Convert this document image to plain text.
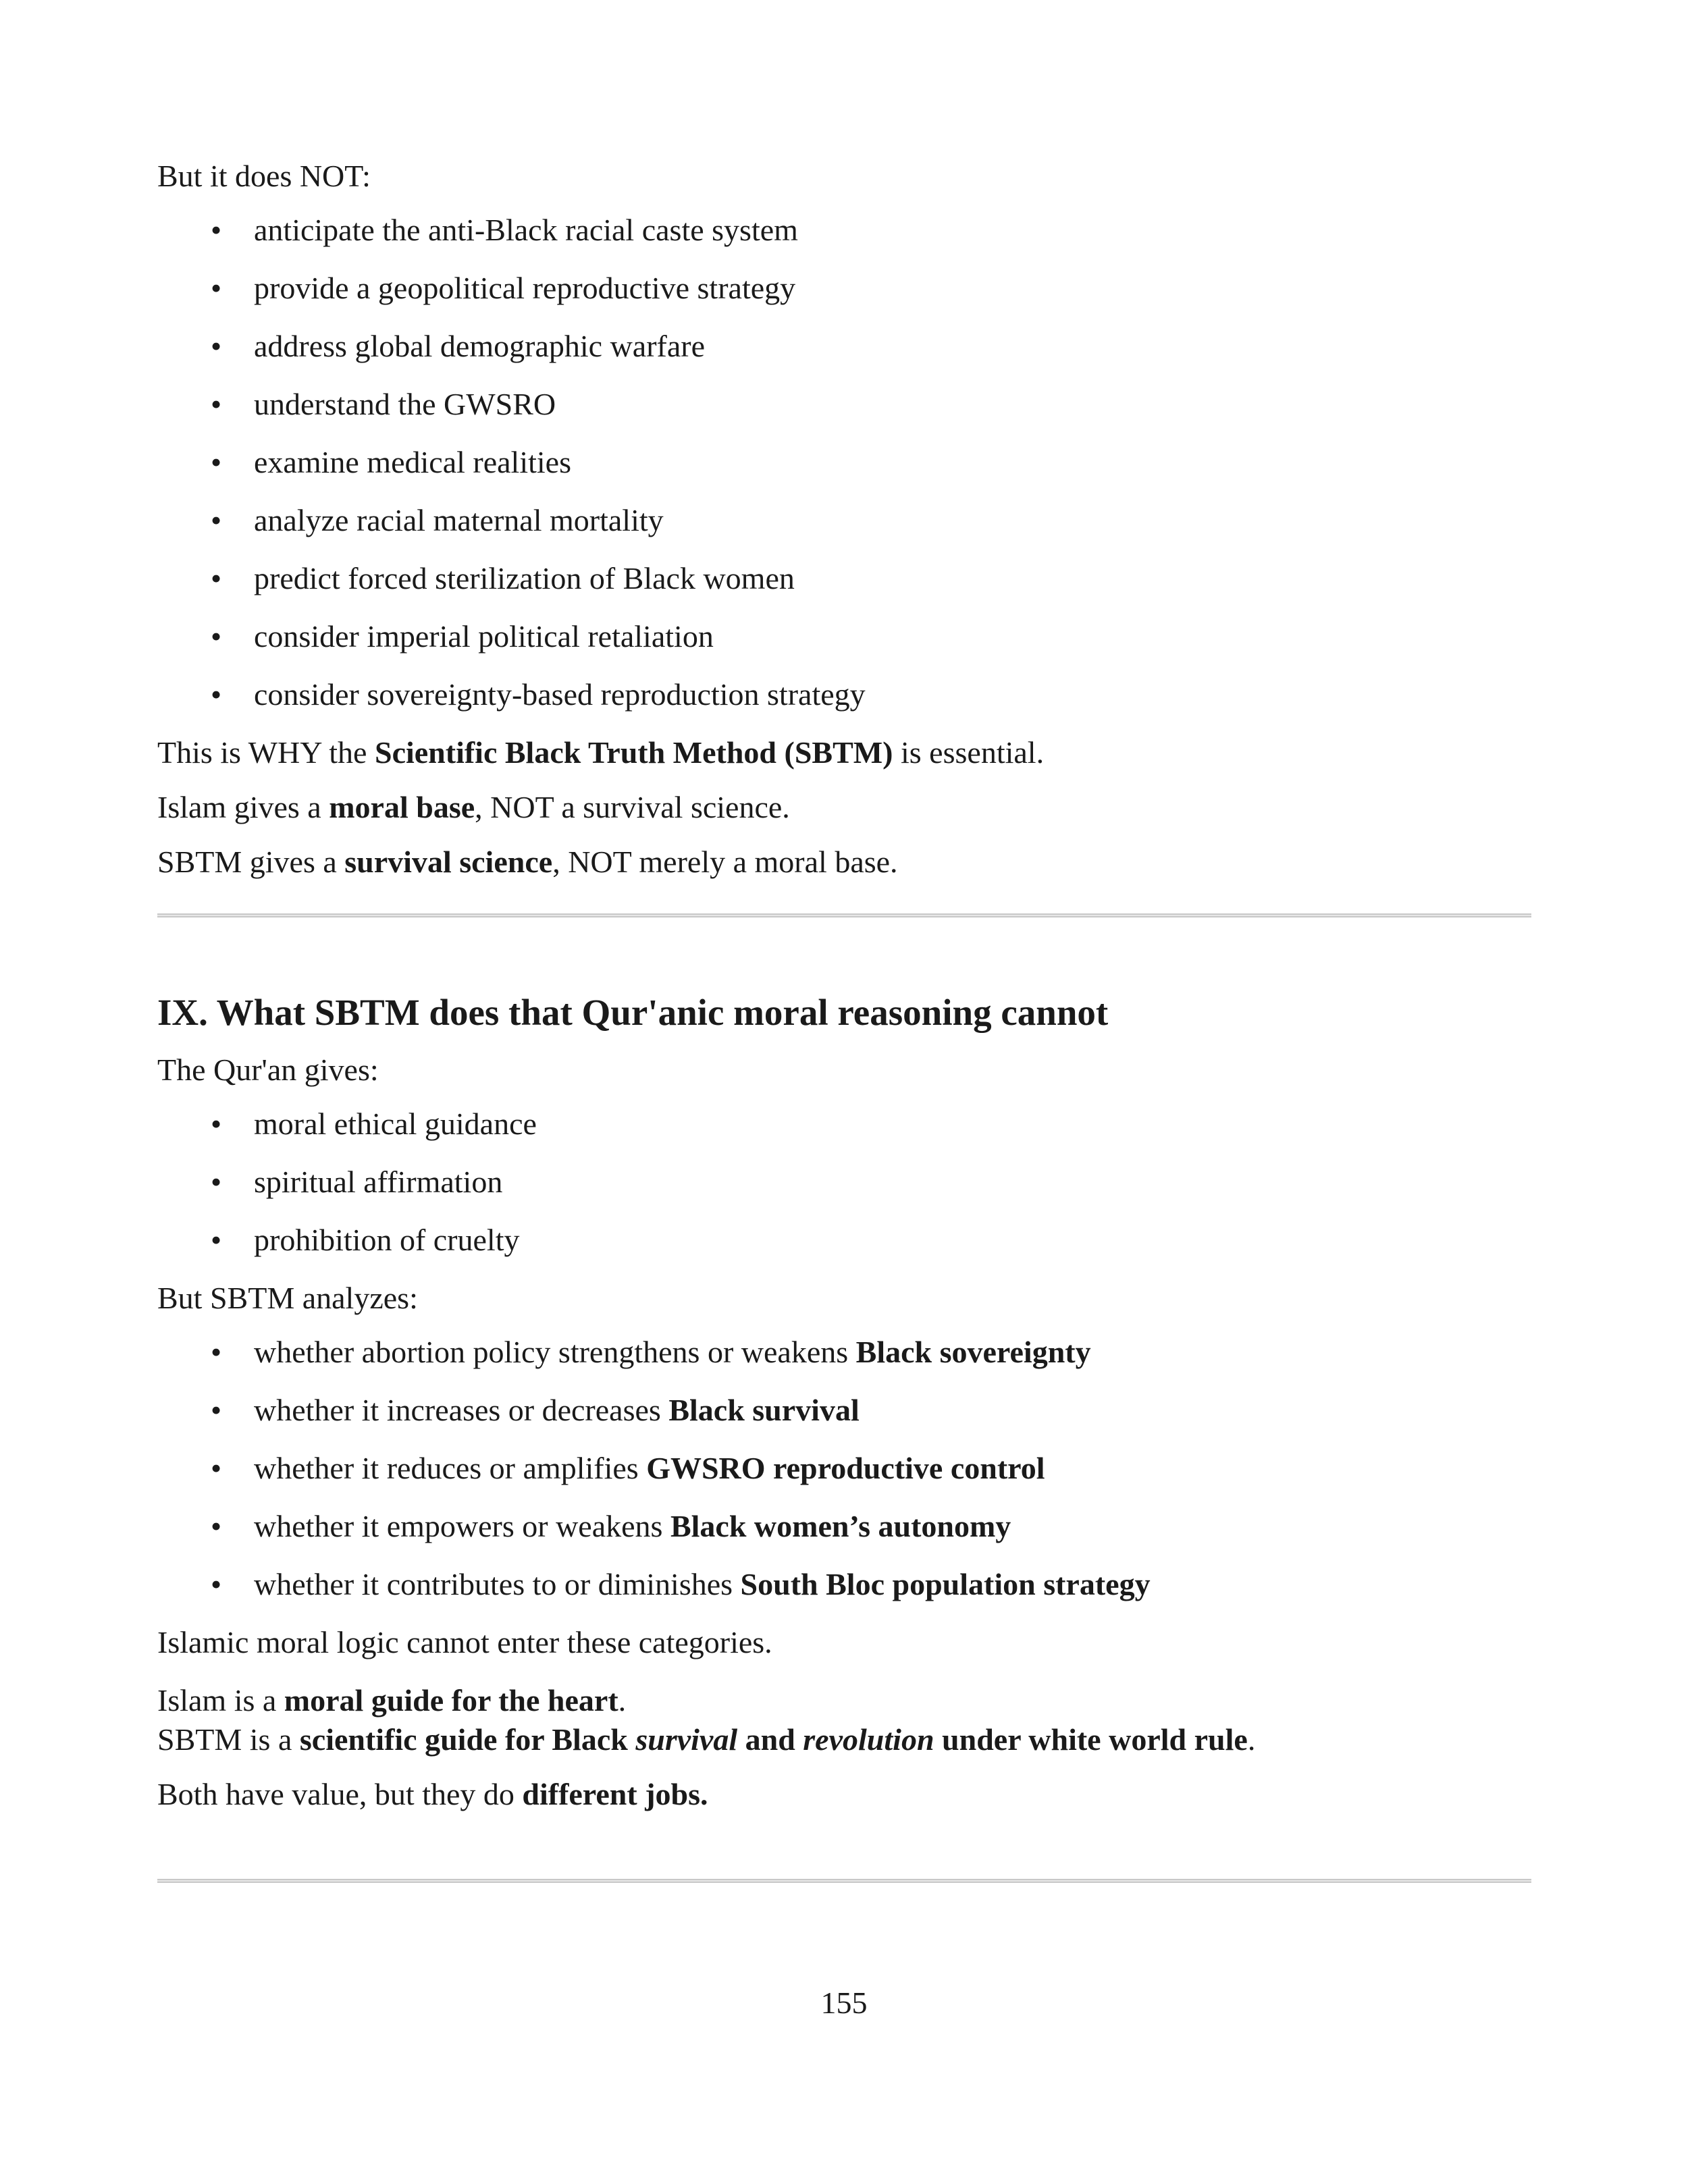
But it does NOT:
• anticipate the anti-Black racial caste system
• provide a geopolitical reproductive strategy
• address global demographic warfare
• understand the GWSRO
• examine medical realities
• analyze racial maternal mortality
• predict forced sterilization of Black women
• consider imperial political retaliation
• consider sovereignty-based reproduction strategy
This is WHY the Scientific Black Truth Method (SBTM) is essential.
Islam gives a moral base, NOT a survival science.
SBTM gives a survival science, NOT merely a moral base.
IX. What SBTM does that Qur'anic moral reasoning cannot
The Qur'an gives:
• moral ethical guidance
• spiritual affirmation
• prohibition of cruelty
But SBTM analyzes:
• whether abortion policy strengthens or weakens Black sovereignty
• whether it increases or decreases Black survival
• whether it reduces or amplifies GWSRO reproductive control
• whether it empowers or weakens Black women’s autonomy
• whether it contributes to or diminishes South Bloc population strategy
Islamic moral logic cannot enter these categories.
Islam is a moral guide for the heart.
SBTM is a scientific guide for Black survival and revolution under white world rule.
Both have value, but they do different jobs.
155
